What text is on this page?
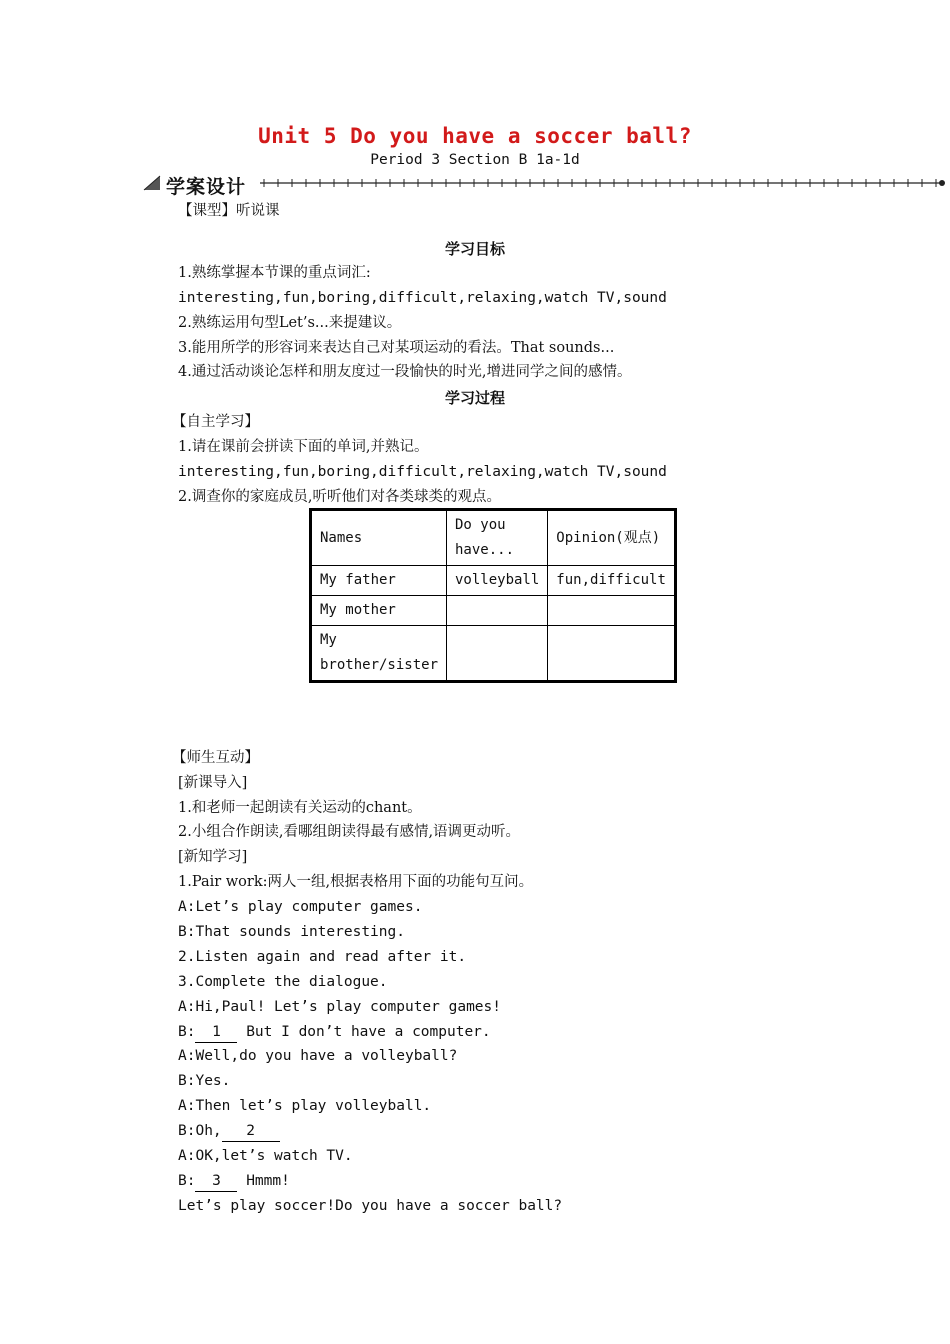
Unit 5 Do you have a soccer ball?
Period 3 Section B 1a-1d
学案设计
【课型】听说课
学习目标
1.熟练掌握本节课的重点词汇:
interesting,fun,boring,difficult,relaxing,watch TV,sound
2.熟练运用句型Let’s...来提建议。
3.能用所学的形容词来表达自己对某项运动的看法。That sounds...
4.通过活动谈论怎样和朋友度过一段愉快的时光,增进同学之间的感情。
学习过程
【自主学习】
1.请在课前会拼读下面的单词,并熟记。
interesting,fun,boring,difficult,relaxing,watch TV,sound
2.调查你的家庭成员,听听他们对各类球类的观点。
Names	Do you have...	Opinion(观点)
My father	volleyball	fun,difficult
My mother		
My brother/sister		
【师生互动】
[新课导入]
1.和老师一起朗读有关运动的chant。
2.小组合作朗读,看哪组朗读得最有感情,语调更动听。
[新知学习]
1.Pair work:两人一组,根据表格用下面的功能句互问。
A:Let’s play computer games.
B:That sounds interesting.
2.Listen again and read after it.
3.Complete the dialogue.
A:Hi,Paul! Let’s play computer games!
B: 1 But I don’t have a computer.
A:Well,do you have a volleyball?
B:Yes.
A:Then let’s play volleyball.
B:Oh, 2
A:OK,let’s watch TV.
B: 3 Hmmm!
Let’s play soccer!Do you have a soccer ball?
